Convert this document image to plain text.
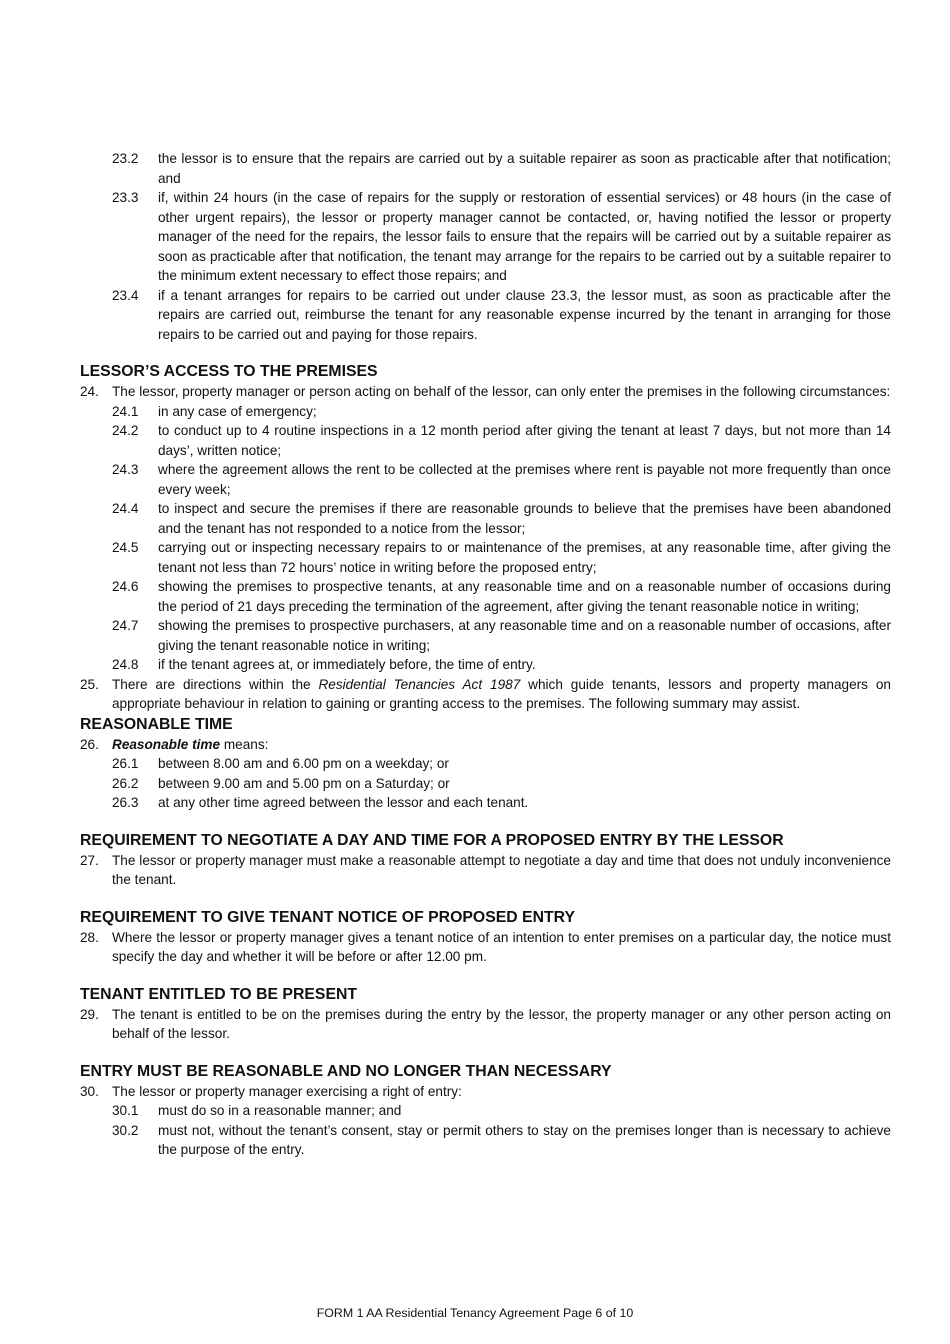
23.2	the lessor is to ensure that the repairs are carried out by a suitable repairer as soon as practicable after that notification; and
23.3	if, within 24 hours (in the case of repairs for the supply or restoration of essential services) or 48 hours (in the case of other urgent repairs), the lessor or property manager cannot be contacted, or, having notified the lessor or property manager of the need for the repairs, the lessor fails to ensure that the repairs will be carried out by a suitable repairer as soon as practicable after that notification, the tenant may arrange for the repairs to be carried out by a suitable repairer to the minimum extent necessary to effect those repairs; and
23.4	if a tenant arranges for repairs to be carried out under clause 23.3, the lessor must, as soon as practicable after the repairs are carried out, reimburse the tenant for any reasonable expense incurred by the tenant in arranging for those repairs to be carried out and paying for those repairs.
LESSOR’S ACCESS TO THE PREMISES
24. The lessor, property manager or person acting on behalf of the lessor, can only enter the premises in the following circumstances:
24.1	in any case of emergency;
24.2	to conduct up to 4 routine inspections in a 12 month period after giving the tenant at least 7 days, but not more than 14 days’, written notice;
24.3	where the agreement allows the rent to be collected at the premises where rent is payable not more frequently than once every week;
24.4	to inspect and secure the premises if there are reasonable grounds to believe that the premises have been abandoned and the tenant has not responded to a notice from the lessor;
24.5	carrying out or inspecting necessary repairs to or maintenance of the premises, at any reasonable time, after giving the tenant not less than 72 hours’ notice in writing before the proposed entry;
24.6	showing the premises to prospective tenants, at any reasonable time and on a reasonable number of occasions during the period of 21 days preceding the termination of the agreement, after giving the tenant reasonable notice in writing;
24.7	showing the premises to prospective purchasers, at any reasonable time and on a reasonable number of occasions, after giving the tenant reasonable notice in writing;
24.8	if the tenant agrees at, or immediately before, the time of entry.
25. There are directions within the Residential Tenancies Act 1987 which guide tenants, lessors and property managers on appropriate behaviour in relation to gaining or granting access to the premises. The following summary may assist.
REASONABLE TIME
26. Reasonable time means:
26.1	between 8.00 am and 6.00 pm on a weekday; or
26.2	between 9.00 am and 5.00 pm on a Saturday; or
26.3	at any other time agreed between the lessor and each tenant.
REQUIREMENT TO NEGOTIATE A DAY AND TIME FOR A PROPOSED ENTRY BY THE LESSOR
27. The lessor or property manager must make a reasonable attempt to negotiate a day and time that does not unduly inconvenience the tenant.
REQUIREMENT TO GIVE TENANT NOTICE OF PROPOSED ENTRY
28. Where the lessor or property manager gives a tenant notice of an intention to enter premises on a particular day, the notice must specify the day and whether it will be before or after 12.00 pm.
TENANT ENTITLED TO BE PRESENT
29. The tenant is entitled to be on the premises during the entry by the lessor, the property manager or any other person acting on behalf of the lessor.
ENTRY MUST BE REASONABLE AND NO LONGER THAN NECESSARY
30. The lessor or property manager exercising a right of entry:
30.1	must do so in a reasonable manner; and
30.2	must not, without the tenant’s consent, stay or permit others to stay on the premises longer than is necessary to achieve the purpose of the entry.
FORM 1 AA Residential Tenancy Agreement Page 6 of 10
